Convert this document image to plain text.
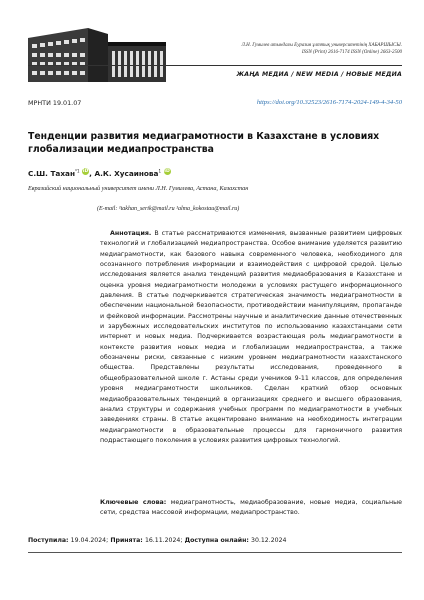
Л.Н. Гумилев атындағы Еуразия ұлттық университетінің ХАБАРШЫСЫ.
ISSN (Print) 2616-7174 ISSN (Online) 2663-2500
ЖАҢА МЕДИА / NEW MEDIA / НОВЫЕ МЕДИА
МРНТИ 19.01.07	https://doi.org/10.32523/2616-7174-2024-149-4-34-50
Тенденции развития медиаграмотности в Казахстане в условиях глобализации медиапространства
С.Ш. Тахан$^{*1}$ iD, А.К. Хусаинова$^1$ iD
Евразийский национальный университет имени Л.Н. Гумилева, Астана, Казахстан
(E-mail: ¹takhan_serik@mail.ru ¹alma_kokostau@mail.ru)

Аннотация. В статье рассматриваются изменения, вызванные развитием цифровых технологий и глобализацией медиапространства. Особое внимание уделяется развитию медиаграмотности, как базового навыка современного человека, необходимого для осознанного потребления информации и взаимодействия с цифровой средой. Целью исследования является анализ тенденций развития медиаобразования в Казахстане и оценка уровня медиаграмотности молодежи в условиях растущего информационного давления. В статье подчеркивается стратегическая значимость медиаграмотности в обеспечении национальной безопасности, противодействии манипуляциям, пропаганде и фейковой информации. Рассмотрены научные и аналитические данные отечественных и зарубежных исследовательских институтов по использованию казахстанцами сети интернет и новых медиа. Подчеркивается возрастающая роль медиаграмотности в контексте развития новых медиа и глобализации медиапространства, а также обозначены риски, связанные с низким уровнем медиаграмотности казахстанского общества. Представлены результаты исследования, проведенного в общеобразовательной школе г. Астаны среди учеников 9-11 классов, для определения уровня медиаграмотности школьников. Сделан краткий обзор основных медиаобразовательных тенденций в организациях среднего и высшего образования, анализ структуры и содержания учебных программ по медиаграмотности в учебных заведениях страны. В статье акцентировано внимание на необходимость интеграции медиаграмотности в образовательные процессы для гармоничного развития подрастающего поколения в условиях развития цифровых технологий.

Ключевые слова: медиаграмотность, медиаобразование, новые медиа, социальные сети, средства массовой информации, медиапространство.
Поступила: 19.04.2024; Принята: 16.11.2024; Доступна онлайн: 30.12.2024
